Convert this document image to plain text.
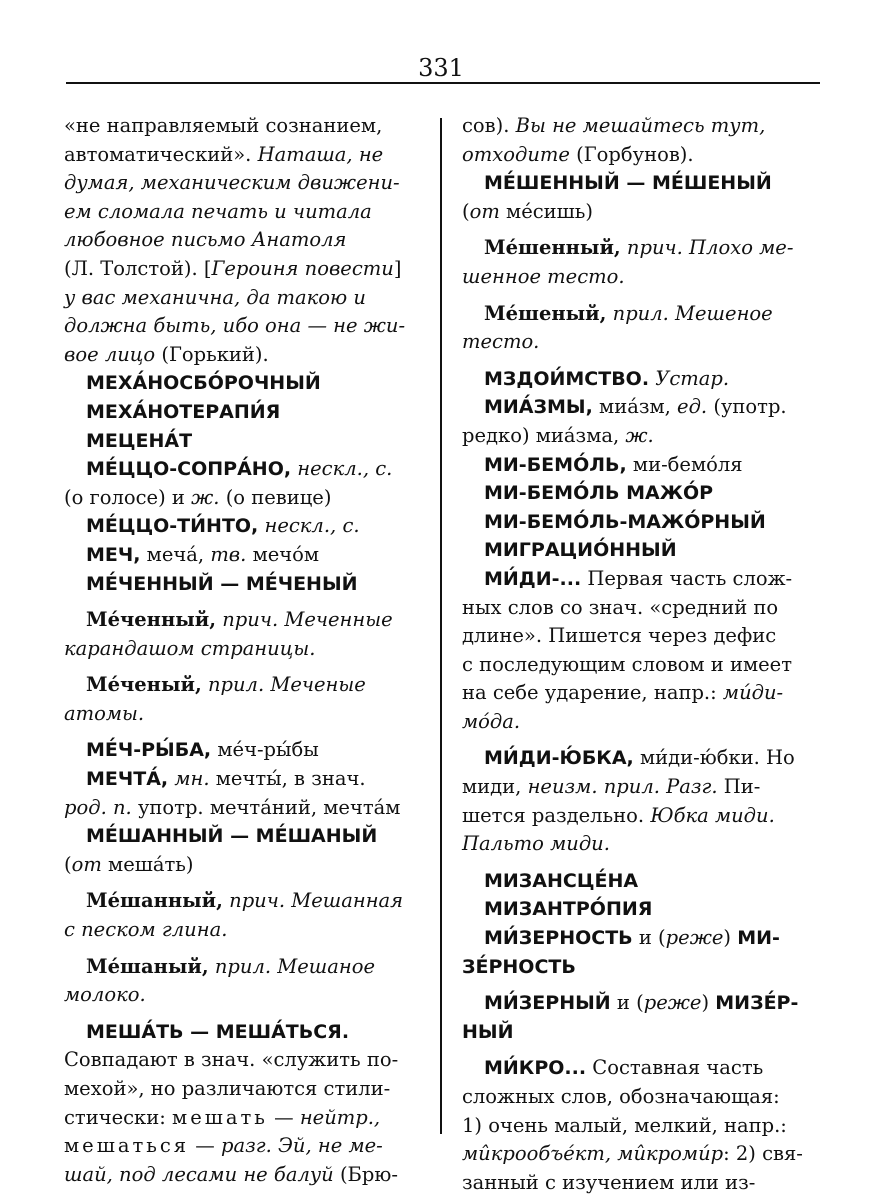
331

«не направляемый сознанием,

автоматический». Наташа, не

думая, механическим движени-

ем сломала печать и читала

любовное письмо Анатоля

(Л. Толстой). [Героиня повести]

у вас механична, да такою и

должна быть, ибо она — не жи-

вое лицо (Горький).

МЕХА́НОСБО́РОЧНЫЙ

МЕХА́НОТЕРАПИ́Я

МЕЦЕНА́Т

МЕ́ЦЦО-СОПРА́НО, нескл., с.

(о голосе) и ж. (о певице)

МЕ́ЦЦО-ТИ́НТО, нескл., с.

МЕЧ, меча́, тв. мечо́м

МЕ́ЧЕННЫЙ — МЕ́ЧЕНЫЙ

Ме́ченный, прич. Меченные

карандашом страницы.

Ме́ченый, прил. Меченые

атомы.

МЕ́Ч-РЫ́БА, ме́ч-ры́бы

МЕЧТА́, мн. мечты́, в знач.

род. п. употр. мечта́ний, мечта́м

МЕ́ШАННЫЙ — МЕ́ШАНЫЙ

(от меша́ть)

Ме́шанный, прич. Мешанная

с песком глина.

Ме́шаный, прил. Мешаное

молоко.

МЕША́ТЬ — МЕША́ТЬСЯ.

Совпадают в знач. «служить по-

мехой», но различаются стили-

стически: мешать — нейтр.,

мешаться — разг. Эй, не ме-

шай, под лесами не балуй (Брю-

сов). Вы не мешайтесь тут,

отходите (Горбунов).

МЕ́ШЕННЫЙ — МЕ́ШЕНЫЙ

(от ме́сишь)

Ме́шенный, прич. Плохо ме-

шенное тесто.

Ме́шеный, прил. Мешеное

тесто.

МЗДОИ́МСТВО. Устар.

МИА́ЗМЫ, миа́зм, ед. (употр.

редко) миа́зма, ж.

МИ-БЕМО́ЛЬ, ми-бемо́ля

МИ-БЕМО́ЛЬ МАЖО́Р

МИ-БЕМО́ЛЬ-МАЖО́РНЫЙ

МИГРАЦИО́ННЫЙ

МИ́ДИ-... Первая часть слож-

ных слов со знач. «средний по

длине». Пишется через дефис

с последующим словом и имеет

на себе ударение, напр.: ми́ди-

мо́да.

МИ́ДИ-Ю́БКА, ми́ди-ю́бки. Но

миди, неизм. прил. Разг. Пи-

шется раздельно. Юбка миди.

Пальто миди.

МИЗАНСЦЕ́НА

МИЗАНТРО́ПИЯ

МИ́ЗЕРНОСТЬ и (реже) МИ-

ЗЕ́РНОСТЬ

МИ́ЗЕРНЫЙ и (реже) МИЗЕ́Р-

НЫЙ

МИ́КРО... Составная часть

сложных слов, обозначающая:

1) очень малый, мелкий, напр.:

ми̂крообъе́кт, ми̂кроми́р: 2) свя-

занный с изучением или из-
